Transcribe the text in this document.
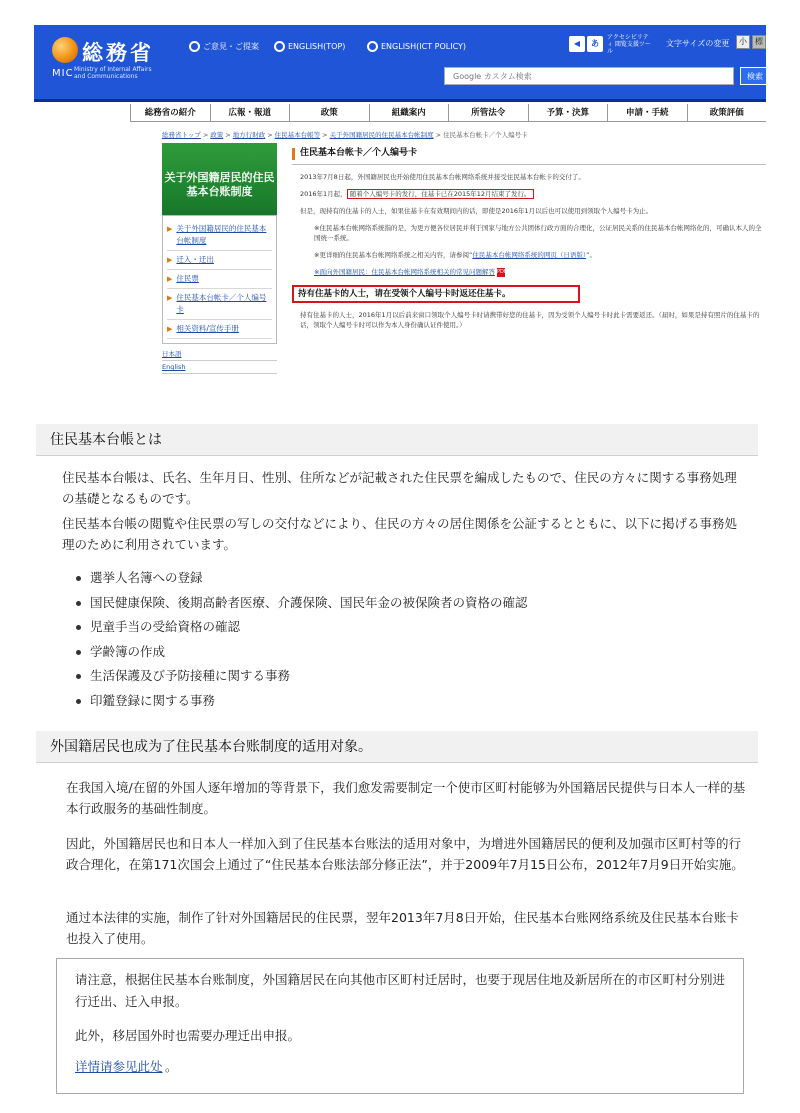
総務省
MIC Ministry of Internal Affairs and Communications
ご意見・ご提案	ENGLISH(TOP)	ENGLISH(ICT POLICY)	◀	あ
アクセシビリティ 閲覧支援ツール
文字サイズの変更	小	標
Google カスタム検索
検索
総務省の紹介	広報・報道	政策	組織案内	所管法令	予算・決算	申請・手続	政策評価
総務省トップ > 政策 > 地方行財政 > 住民基本台帳等 > 关于外国籍居民的住民基本台帐制度 > 住民基本台帐卡／个人编号卡
关于外国籍居民的住民基本台账制度
▶ 关于外国籍居民的住民基本台帐制度
▶ 迁入・迁出
▶ 住民票
▶ 住民基本台帐卡／个人编号卡
▶ 相关资料/宣传手册
日本語
English
住民基本台帐卡／个人编号卡

2013年7月8日起，外国籍居民也开始使用住民基本台帐网络系统并接受住民基本台帐卡的交付了。

2016年1月起， 随着个人编号卡的发行，住基卡已在2015年12月结束了发行。

但是，现持有的住基卡的人士，如果住基卡在有效期间内的话，即使是2016年1月以后也可以使用到领取个人编号卡为止。

※住民基本台帐网络系统指的是，为更方便各位居民并利于国家与地方公共团体行政方面的合理化，公证居民关系的住民基本台帐网络化的，可确认本人的全国统一系统。

※更详细的住民基本台帐网络系统之相关内容，请参阅“住民基本台帐网络系统的网页（日语版）”。

※面向外国籍居民：住民基本台帐网络系统相关的常见问题解答 PDF

持有住基卡的人士，请在受领个人编号卡时返还住基卡。

持有住基卡的人士，2016年1月以后前来窗口领取个人编号卡时请携带好您的住基卡，因为受领个人编号卡时此卡需要返还。（届时，如果是持有照片的住基卡的话，领取个人编号卡时可以作为本人身份确认证件使用。）

住民基本台帳とは

住民基本台帳は、氏名、生年月日、性別、住所などが記載された住民票を編成したもので、住民の方々に関する事務処理の基礎となるものです。

住民基本台帳の閲覧や住民票の写しの交付などにより、住民の方々の居住関係を公証するとともに、以下に掲げる事務処理のために利用されています。

選挙人名簿への登録
国民健康保険、後期高齢者医療、介護保険、国民年金の被保険者の資格の確認
児童手当の受給資格の確認
学齢簿の作成
生活保護及び予防接種に関する事務
印鑑登録に関する事務
外国籍居民也成为了住民基本台账制度的适用对象。

在我国入境/在留的外国人逐年增加的等背景下，我们愈发需要制定一个使市区町村能够为外国籍居民提供与日本人一样的基本行政服务的基础性制度。

因此，外国籍居民也和日本人一样加入到了住民基本台账法的适用对象中，为增进外国籍居民的便利及加强市区町村等的行政合理化，在第171次国会上通过了“住民基本台账法部分修正法”，并于2009年7月15日公布，2012年7月9日开始实施。

通过本法律的实施，制作了针对外国籍居民的住民票，翌年2013年7月8日开始，住民基本台账网络系统及住民基本台账卡也投入了使用。

请注意，根据住民基本台账制度，外国籍居民在向其他市区町村迁居时，也要于现居住地及新居所在的市区町村分别进行迁出、迁入申报。

此外，移居国外时也需要办理迁出申报。

详情请参见此处 。
